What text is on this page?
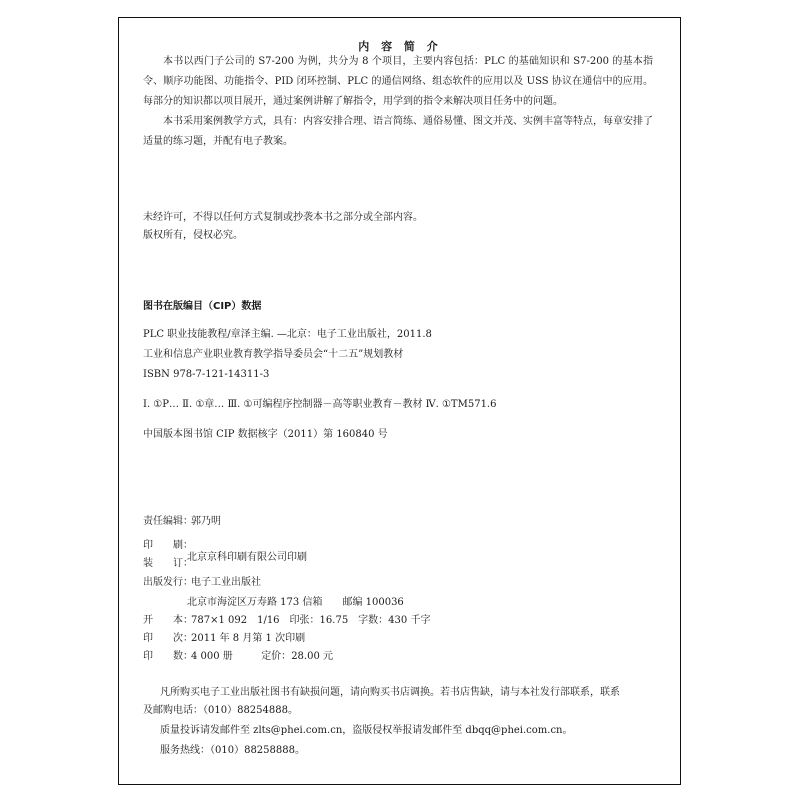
内 容 简 介

本书以西门子公司的 S7-200 为例，共分为 8 个项目，主要内容包括：PLC 的基础知识和 S7-200 的基本指令、顺序功能图、功能指令、PID 闭环控制、PLC 的通信网络、组态软件的应用以及 USS 协议在通信中的应用。每部分的知识都以项目展开，通过案例讲解了解指令，用学到的指令来解决项目任务中的问题。

本书采用案例教学方式，具有：内容安排合理、语言简练、通俗易懂、图文并茂、实例丰富等特点，每章安排了适量的练习题，并配有电子教案。

未经许可，不得以任何方式复制或抄袭本书之部分或全部内容。
版权所有，侵权必究。
图书在版编目（CIP）数据
PLC 职业技能教程/章泽主编. —北京：电子工业出版社，2011.8
工业和信息产业职业教育教学指导委员会“十二五”规划教材
ISBN 978-7-121-14311-3
Ⅰ. ①P… Ⅱ. ①章… Ⅲ. ①可编程序控制器－高等职业教育－教材 Ⅳ. ①TM571.6
中国版本图书馆 CIP 数据核字（2011）第 160840 号
责任编辑：郭乃明
印　　刷：
北京京科印刷有限公司印刷
装　　订：
出版发行：电子工业出版社
北京市海淀区万寿路 173 信箱　　邮编 100036
开　　本：787×1 092　1/16　印张：16.75　字数：430 千字
印　　次：2011 年 8 月第 1 次印刷
印　　数：4 000 册	定价：28.00 元
凡所购买电子工业出版社图书有缺损问题，请向购买书店调换。若书店售缺，请与本社发行部联系，联系
及邮购电话：（010）88254888。
质量投诉请发邮件至 zlts@phei.com.cn，盗版侵权举报请发邮件至 dbqq@phei.com.cn。
服务热线：（010）88258888。
